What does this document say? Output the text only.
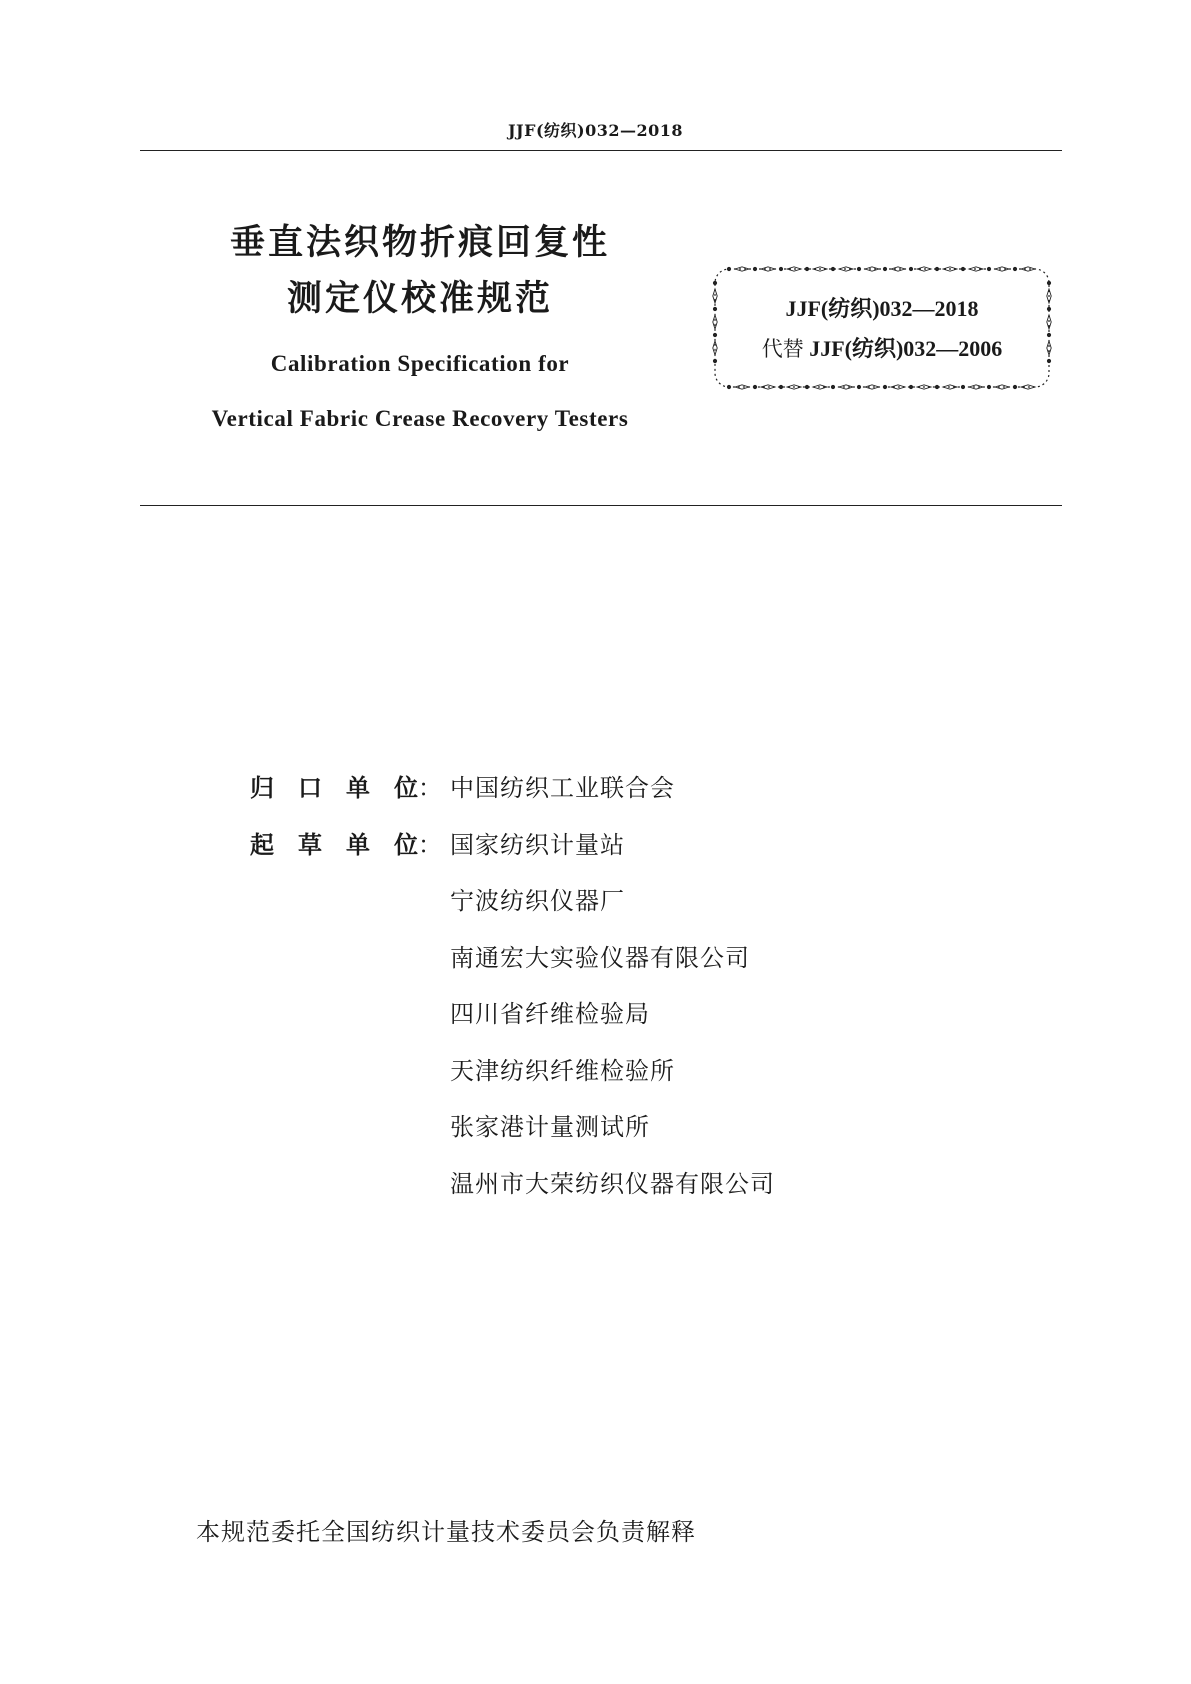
JJF(纺织)032—2018
垂直法织物折痕回复性
测定仪校准规范
Calibration Specification for
Vertical Fabric Crease Recovery Testers
JJF(纺织)032—2018
代替 JJF(纺织)032—2006
归 口 单 位： 中国纺织工业联合会
起 草 单 位： 国家纺织计量站
宁波纺织仪器厂
南通宏大实验仪器有限公司
四川省纤维检验局
天津纺织纤维检验所
张家港计量测试所
温州市大荣纺织仪器有限公司
本规范委托全国纺织计量技术委员会负责解释
